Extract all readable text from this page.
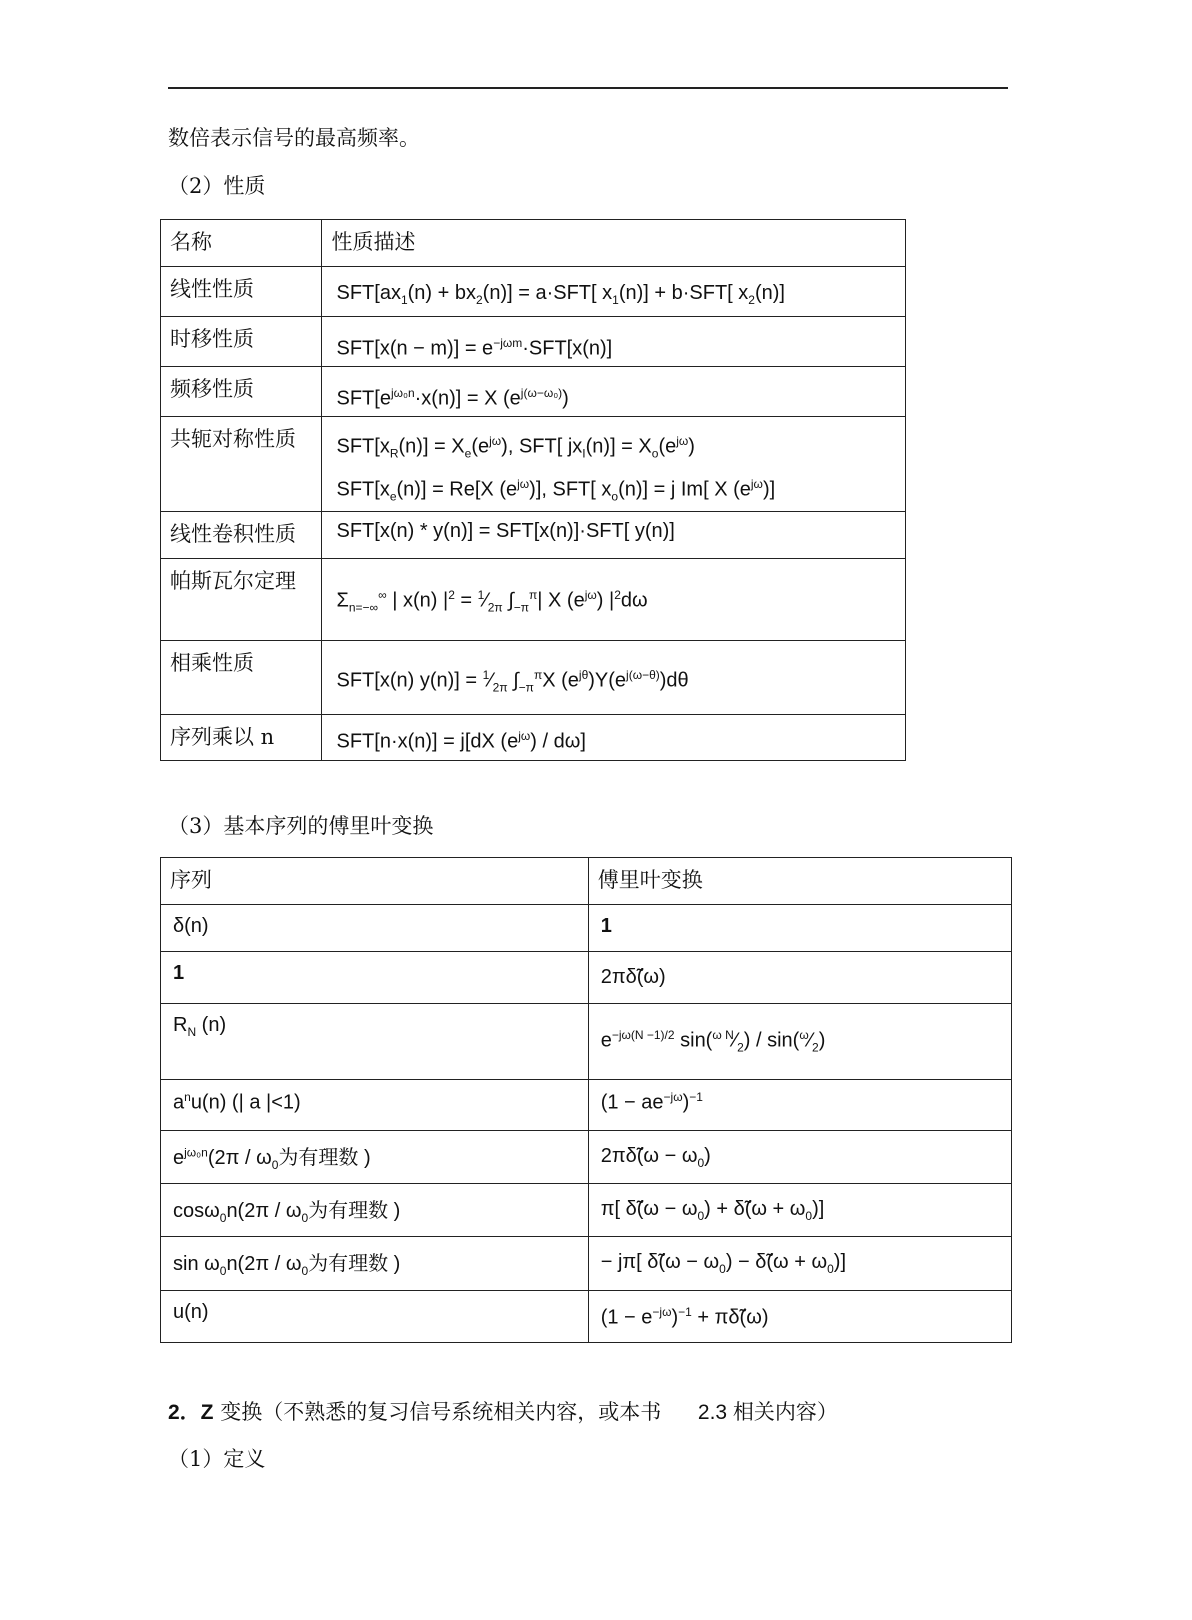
数倍表示信号的最高频率。
（2）性质
名称	性质描述
线性性质	$SFT[ax_1(n) + bx_2(n)] = a\cdot SFT$[ $x_1(n)] + b\cdot SFT$[ $x_2(n)$]
时移性质	$SFT[x(n - m)] = e^{-j\omega m}\cdot SFT[x(n)]$
频移性质	$SFT[e^{j\omega_0n}\cdot x(n)] = X$ $(e^{j(\omega-\omega_0)})$
共轭对称性质	$SFT[x_R(n)] = X_e(e^{j\omega})$, SFT[ $jx_I(n)] = X_o(e^{j\omega})$
$SFT[x_e(n)] = Re[X$ $(e^{j\omega})$], SFT[ $x_o(n)] = j$ Im[ X $(e^{j\omega})$]
线性卷积性质	SFT[x(n) * y(n)] = SFT[x(n)]·SFT[ y(n)]
帕斯瓦尔定理	$\Sigma_{n=-\infty}^\infty$ | x(n) $|^2$ = $^1⁄_{2\pi}$ $\int_{-\pi}^\pi|$ X $(e^{j\omega})$ $|^2d\omega$
相乘性质	SFT[x(n) $y(n)] = ^1⁄_{2\pi}$ $\int_{-\pi}^\pi X$ $(e^{j\theta})Y(e^{j(\omega-\theta)})d\theta$
序列乘以 n	SFT[n·x(n)] = j[dX $(e^{j\omega}) / d\omega$]
（3）基本序列的傅里叶变换
序列	傅里叶变换
δ(n)	1
1	2πδ̃(ω)
$R_N$ (n)	$e^{-j\omega(N -1)/2}$ $\sin(^{\omega N}⁄_2)$ / $\sin(^\omega⁄_2)$
$a^nu(n)$ (| a |<1)	$(1 - ae^{-j\omega})^{-1}$
$e^{j\omega_0n}(2\pi / \omega_0$为有理数 )	2πδ̃(ω − $\omega_0$)
$\cos\omega_0n(2\pi / \omega_0$为有理数 )	π[ δ̃(ω − $\omega_0$) + δ̃(ω + $\omega_0$)]
$\sin \omega_0n(2\pi / \omega_0$为有理数 )	− jπ[ δ̃(ω − $\omega_0$) − δ̃(ω + $\omega_0$)]
u(n)	$(1 - e^{-j\omega})^{-1}$ + πδ̃(ω)
2．Z 变换（不熟悉的复习信号系统相关内容，或本书 2.3 相关内容）
（1）定义
